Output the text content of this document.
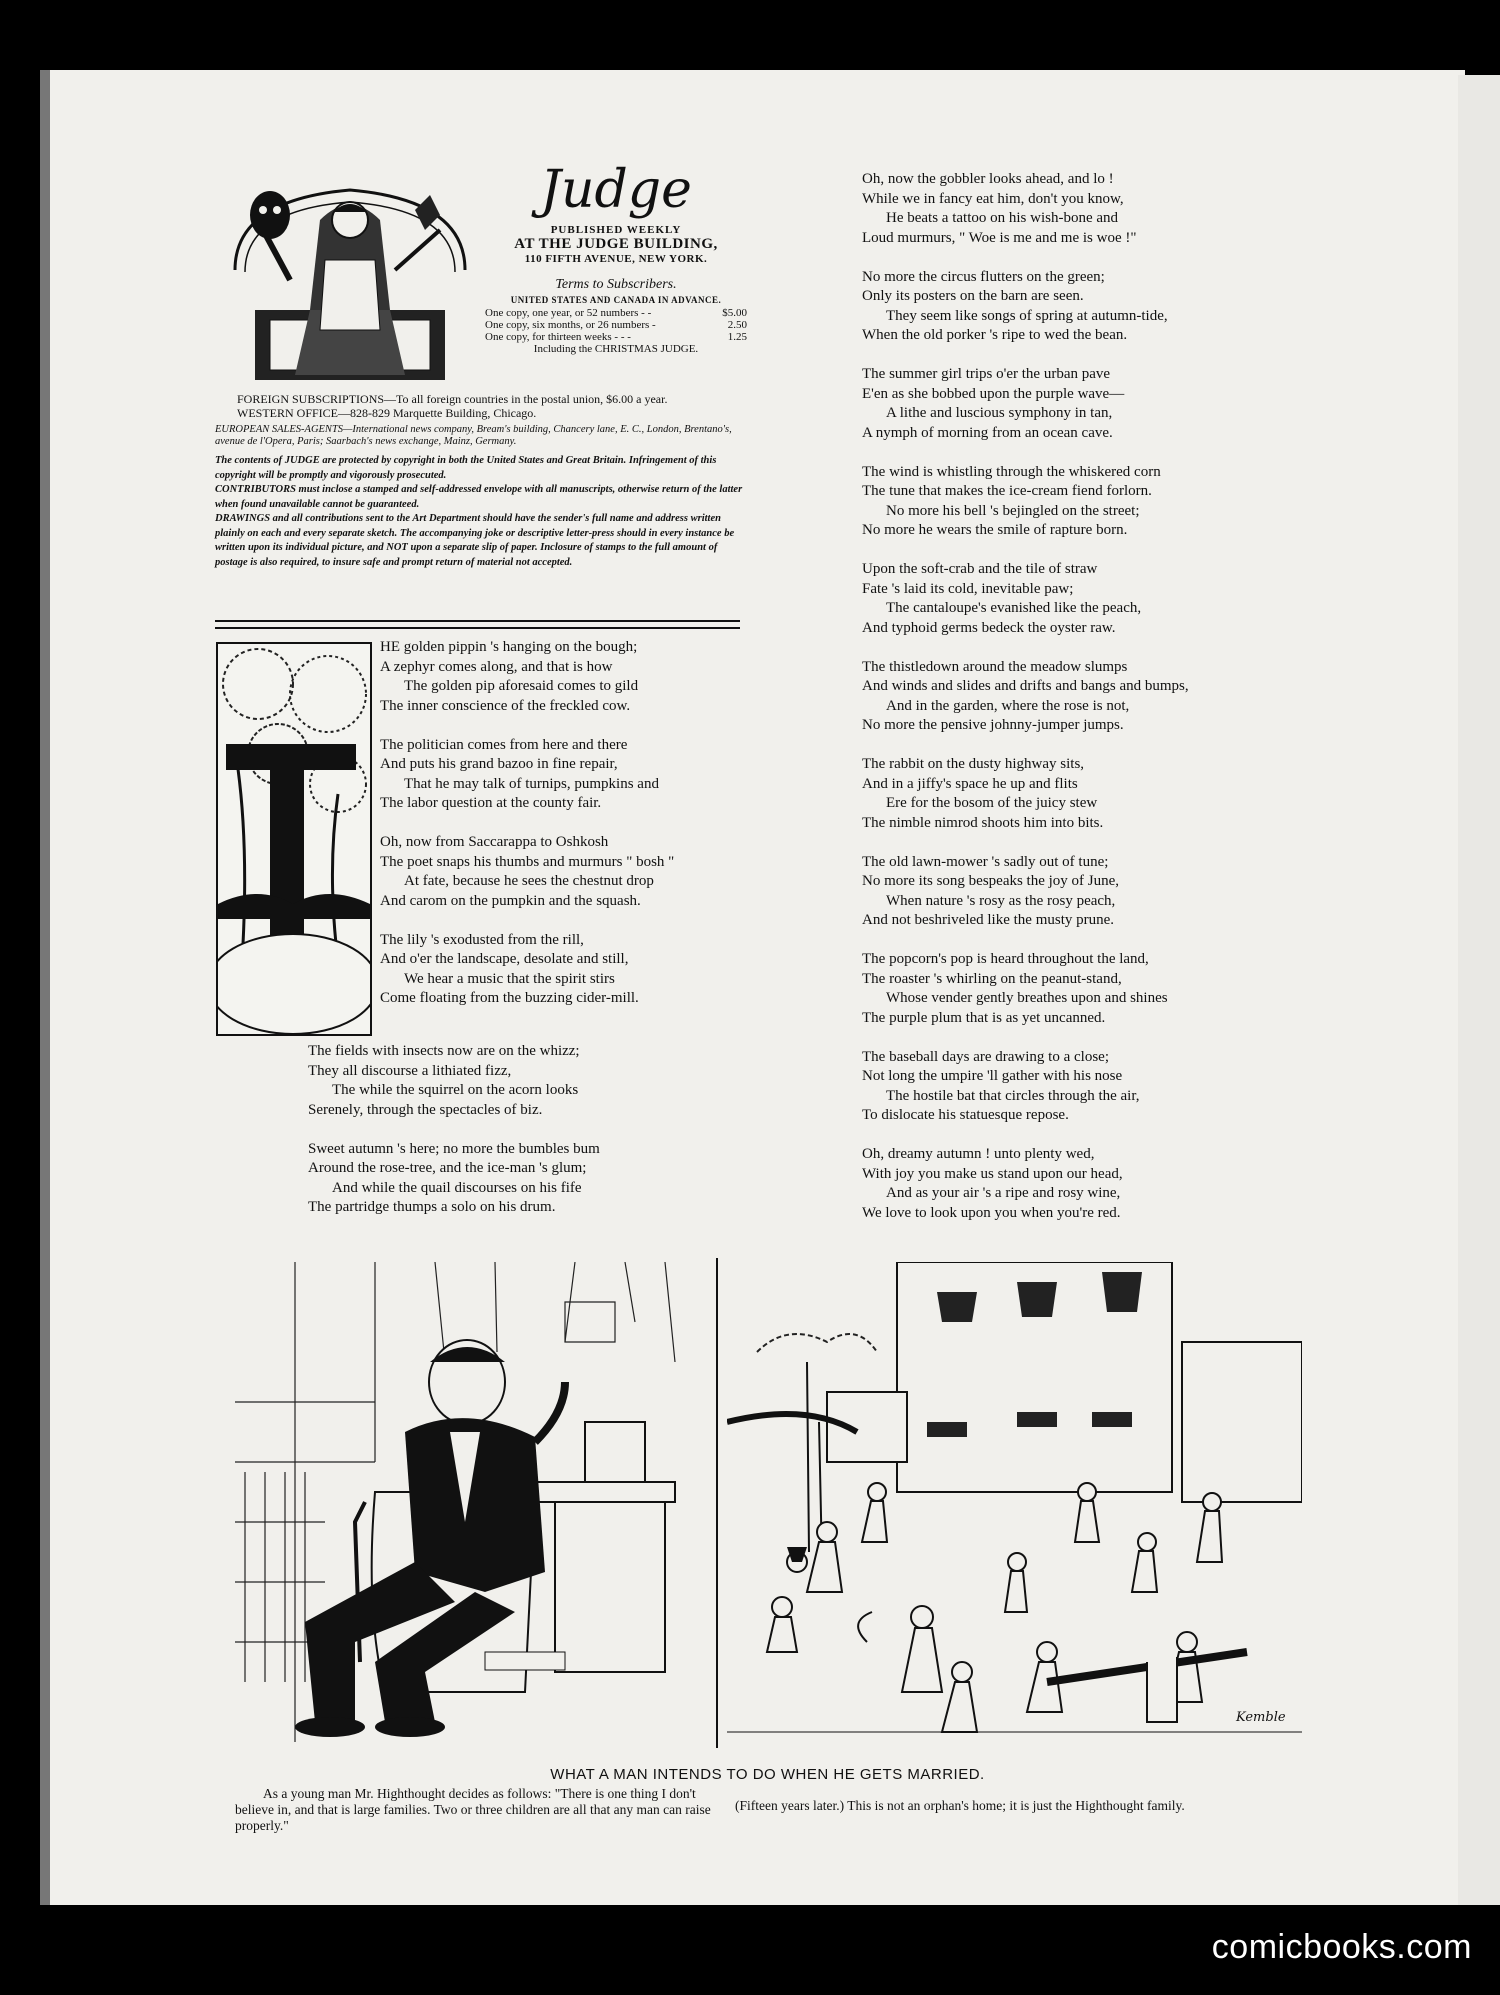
Judge
PUBLISHED WEEKLY
AT THE JUDGE BUILDING,
110 FIFTH AVENUE, NEW YORK.
Terms to Subscribers.
UNITED STATES AND CANADA IN ADVANCE.
One copy, one year, or 52 numbers - -	$5.00
One copy, six months, or 26 numbers -	2.50
One copy, for thirteen weeks - - -	1.25
Including the CHRISTMAS JUDGE.

FOREIGN SUBSCRIPTIONS—To all foreign countries in the postal union, $6.00 a year.

WESTERN OFFICE—828-829 Marquette Building, Chicago.

EUROPEAN SALES-AGENTS—International news company, Bream's building, Chancery lane, E. C., London, Brentano's, avenue de l'Opera, Paris; Saarbach's news exchange, Mainz, Germany.

The contents of JUDGE are protected by copyright in both the United States and Great Britain. Infringement of this copyright will be promptly and vigorously prosecuted.

CONTRIBUTORS must inclose a stamped and self-addressed envelope with all manuscripts, otherwise return of the latter when found unavailable cannot be guaranteed.

DRAWINGS and all contributions sent to the Art Department should have the sender's full name and address written plainly on each and every separate sketch. The accompanying joke or descriptive letter-press should in every instance be written upon its individual picture, and NOT upon a separate slip of paper. Inclosure of stamps to the full amount of postage is also required, to insure safe and prompt return of material not accepted.

HE golden pippin 's hanging on the bough;
A zephyr comes along, and that is how
The golden pip aforesaid comes to gild
The inner conscience of the freckled cow.
The politician comes from here and there
And puts his grand bazoo in fine repair,
That he may talk of turnips, pumpkins and
The labor question at the county fair.
Oh, now from Saccarappa to Oshkosh
The poet snaps his thumbs and murmurs " bosh "
At fate, because he sees the chestnut drop
And carom on the pumpkin and the squash.
The lily 's exodusted from the rill,
And o'er the landscape, desolate and still,
We hear a music that the spirit stirs
Come floating from the buzzing cider-mill.
The fields with insects now are on the whizz;
They all discourse a lithiated fizz,
The while the squirrel on the acorn looks
Serenely, through the spectacles of biz.
Sweet autumn 's here; no more the bumbles bum
Around the rose-tree, and the ice-man 's glum;
And while the quail discourses on his fife
The partridge thumps a solo on his drum.
Oh, now the gobbler looks ahead, and lo !
While we in fancy eat him, don't you know,
He beats a tattoo on his wish-bone and
Loud murmurs, " Woe is me and me is woe !"
No more the circus flutters on the green;
Only its posters on the barn are seen.
They seem like songs of spring at autumn-tide,
When the old porker 's ripe to wed the bean.
The summer girl trips o'er the urban pave
E'en as she bobbed upon the purple wave—
A lithe and luscious symphony in tan,
A nymph of morning from an ocean cave.
The wind is whistling through the whiskered corn
The tune that makes the ice-cream fiend forlorn.
No more his bell 's bejingled on the street;
No more he wears the smile of rapture born.
Upon the soft-crab and the tile of straw
Fate 's laid its cold, inevitable paw;
The cantaloupe's evanished like the peach,
And typhoid germs bedeck the oyster raw.
The thistledown around the meadow slumps
And winds and slides and drifts and bangs and bumps,
And in the garden, where the rose is not,
No more the pensive johnny-jumper jumps.
The rabbit on the dusty highway sits,
And in a jiffy's space he up and flits
Ere for the bosom of the juicy stew
The nimble nimrod shoots him into bits.
The old lawn-mower 's sadly out of tune;
No more its song bespeaks the joy of June,
When nature 's rosy as the rosy peach,
And not beshriveled like the musty prune.
The popcorn's pop is heard throughout the land,
The roaster 's whirling on the peanut-stand,
Whose vender gently breathes upon and shines
The purple plum that is as yet uncanned.
The baseball days are drawing to a close;
Not long the umpire 'll gather with his nose
The hostile bat that circles through the air,
To dislocate his statuesque repose.
Oh, dreamy autumn ! unto plenty wed,
With joy you make us stand upon our head,
And as your air 's a ripe and rosy wine,
We love to look upon you when you're red.
Kemble
WHAT A MAN INTENDS TO DO WHEN HE GETS MARRIED.
As a young man Mr. Highthought decides as follows: "There is one thing I don't believe in, and that is large families. Two or three children are all that any man can raise properly."
(Fifteen years later.) This is not an orphan's home; it is just the Highthought family.
comicbooks.com
